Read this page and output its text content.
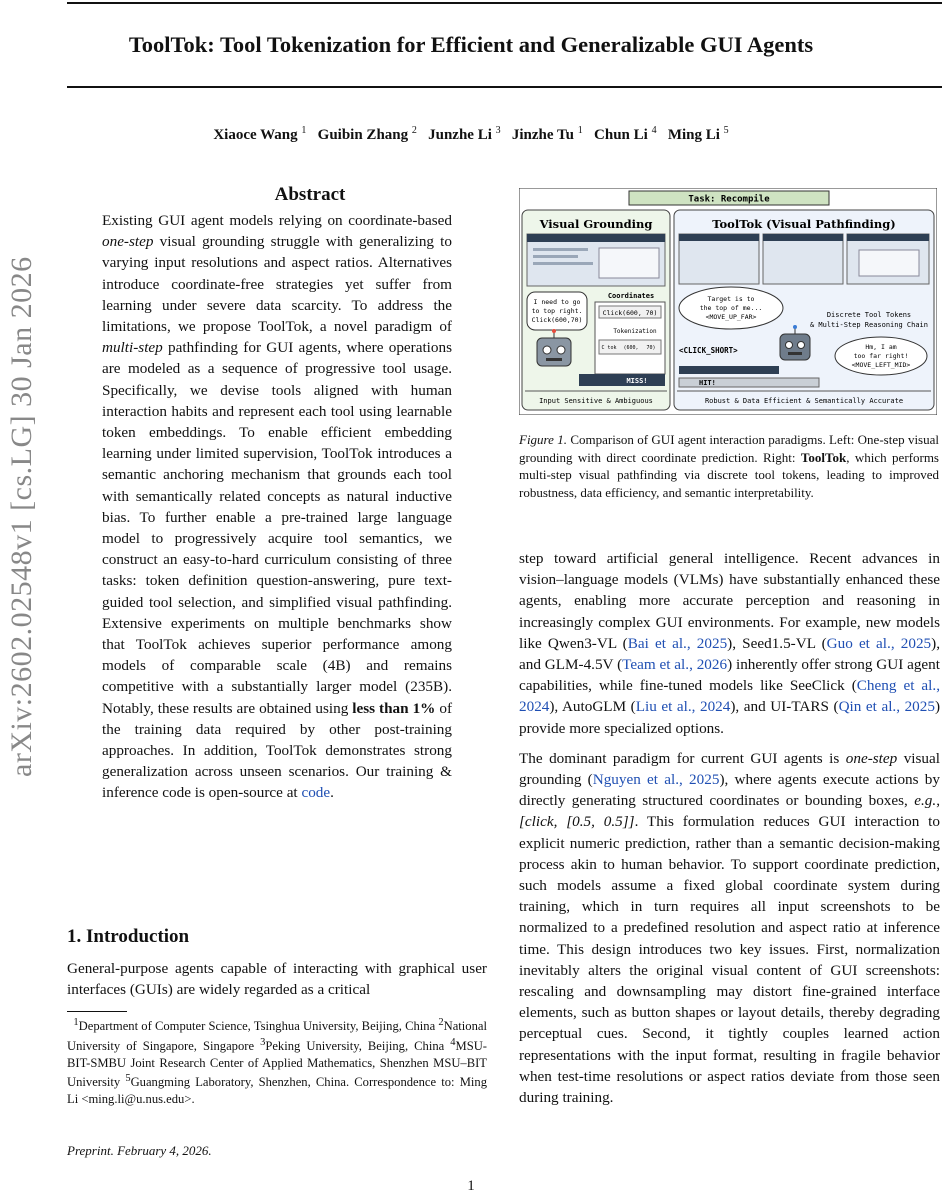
ToolTok: Tool Tokenization for Efficient and Generalizable GUI Agents
Xiaoce Wang $^1$ Guibin Zhang $^2$ Junzhe Li $^3$ Jinzhe Tu $^1$ Chun Li $^4$ Ming Li $^5$
arXiv:2602.02548v1 [cs.LG] 30 Jan 2026
Abstract
Existing GUI agent models relying on coordinate-based one-step visual grounding struggle with generalizing to varying input resolutions and aspect ratios. Alternatives introduce coordinate-free strategies yet suffer from learning under severe data scarcity. To address the limitations, we propose ToolTok, a novel paradigm of multi-step pathfinding for GUI agents, where operations are modeled as a sequence of progressive tool usage. Specifically, we devise tools aligned with human interaction habits and represent each tool using learnable token embeddings. To enable efficient embedding learning under limited supervision, ToolTok introduces a semantic anchoring mechanism that grounds each tool with semantically related concepts as natural inductive bias. To further enable a pre-trained large language model to progressively acquire tool semantics, we construct an easy-to-hard curriculum consisting of three tasks: token definition question-answering, pure text-guided tool selection, and simplified visual pathfinding. Extensive experiments on multiple benchmarks show that ToolTok achieves superior performance among models of comparable scale (4B) and remains competitive with a substantially larger model (235B). Notably, these results are obtained using less than 1% of the training data required by other post-training approaches. In addition, ToolTok demonstrates strong generalization across unseen scenarios. Our training & inference code is open-source at code.
1. Introduction
General-purpose agents capable of interacting with graphical user interfaces (GUIs) are widely regarded as a critical
$^1$Department of Computer Science, Tsinghua University, Beijing, China $^2$National University of Singapore, Singapore $^3$Peking University, Beijing, China $^4$MSU-BIT-SMBU Joint Research Center of Applied Mathematics, Shenzhen MSU–BIT University $^5$Guangming Laboratory, Shenzhen, China. Correspondence to: Ming Li <ming.li@u.nus.edu>.
Preprint. February 4, 2026.
1
Task: Recompile
Visual Grounding
I need to go
to top right.
Click(600,70)
Coordinates
Click(600, 70)
Tokenization
C tok (600, 70)
MISS!
Input Sensitive & Ambiguous
ToolTok (Visual Pathfinding)
Target is to
the top of me...
<MOVE_UP_FAR>	Discrete Tool Tokens
& Multi-Step Reasoning Chain
<CLICK_SHORT>	Hm, I am
too far right!
<MOVE_LEFT_MID>
HIT!
Robust & Data Efficient & Semantically Accurate
Figure 1. Comparison of GUI agent interaction paradigms. Left: One-step visual grounding with direct coordinate prediction. Right: ToolTok, which performs multi-step visual pathfinding via discrete tool tokens, leading to improved robustness, data efficiency, and semantic interpretability.

step toward artificial general intelligence. Recent advances in vision–language models (VLMs) have substantially enhanced these agents, enabling more accurate perception and reasoning in increasingly complex GUI environments. For example, new models like Qwen3-VL (Bai et al., 2025), Seed1.5-VL (Guo et al., 2025), and GLM-4.5V (Team et al., 2026) inherently offer strong GUI agent capabilities, while fine-tuned models like SeeClick (Cheng et al., 2024), AutoGLM (Liu et al., 2024), and UI-TARS (Qin et al., 2025) provide more specialized options.

The dominant paradigm for current GUI agents is one-step visual grounding (Nguyen et al., 2025), where agents execute actions by directly generating structured coordinates or bounding boxes, e.g., [click, [0.5, 0.5]]. This formulation reduces GUI interaction to explicit numeric prediction, rather than a semantic decision-making process akin to human behavior. To support coordinate prediction, such models assume a fixed global coordinate system during training, which in turn requires all input screenshots to be normalized to a predefined resolution and aspect ratio at inference time. This design introduces two key issues. First, normalization inevitably alters the original visual content of GUI screenshots: rescaling and downsampling may distort fine-grained interface elements, such as button shapes or layout details, thereby degrading perceptual cues. Second, it tightly couples learned action representations with the input format, resulting in fragile behavior when test-time resolutions or aspect ratios deviate from those seen during training.
